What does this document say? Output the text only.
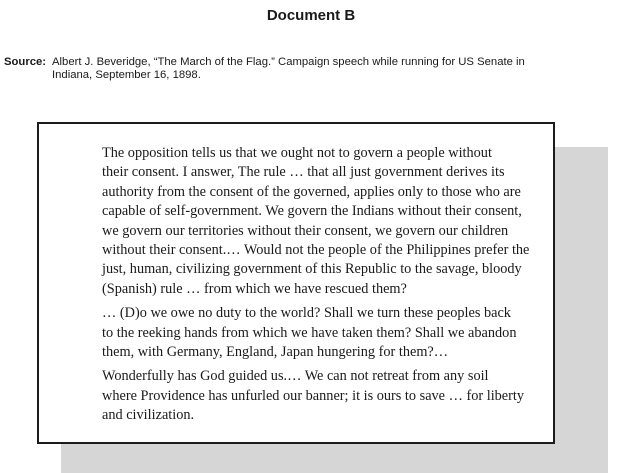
Document B
Source: Albert J. Beveridge, “The March of the Flag.” Campaign speech while running for US Senate in
Indiana, September 16, 1898.

The opposition tells us that we ought not to govern a people without
their consent. I answer, The rule … that all just government derives its
authority from the consent of the governed, applies only to those who are
capable of self-government. We govern the Indians without their consent,
we govern our territories without their consent, we govern our children
without their consent.… Would not the people of the Philippines prefer the
just, human, civilizing government of this Republic to the savage, bloody
(Spanish) rule … from which we have rescued them?

… (D)o we owe no duty to the world? Shall we turn these peoples back
to the reeking hands from which we have taken them? Shall we abandon
them, with Germany, England, Japan hungering for them?…

Wonderfully has God guided us.… We can not retreat from any soil
where Providence has unfurled our banner; it is ours to save … for liberty
and civilization.
